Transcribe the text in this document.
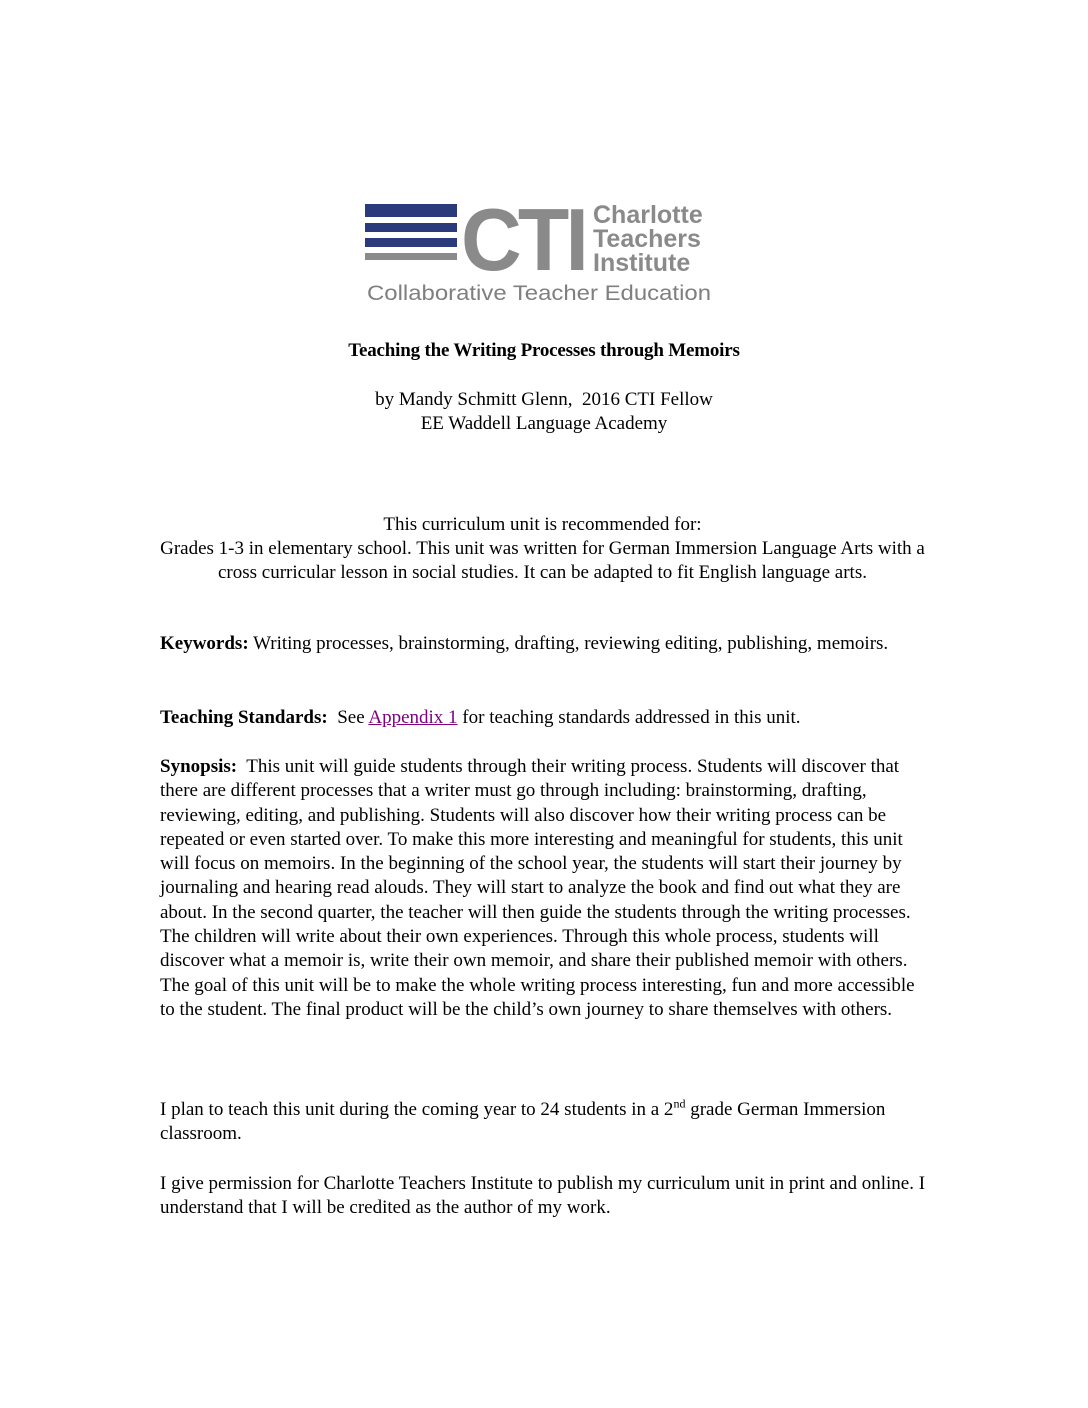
CTI Charlotte
Teachers
Institute
Collaborative Teacher Education
Teaching the Writing Processes through Memoirs
by Mandy Schmitt Glenn,  2016 CTI Fellow
EE Waddell Language Academy
This curriculum unit is recommended for:
Grades 1-3 in elementary school. This unit was written for German Immersion Language Arts with a cross curricular lesson in social studies. It can be adapted to fit English language arts.
Keywords: Writing processes, brainstorming, drafting, reviewing editing, publishing, memoirs.
Teaching Standards:  See Appendix 1 for teaching standards addressed in this unit.
Synopsis:  This unit will guide students through their writing process. Students will discover that there are different processes that a writer must go through including: brainstorming, drafting, reviewing, editing, and publishing. Students will also discover how their writing process can be repeated or even started over. To make this more interesting and meaningful for students, this unit will focus on memoirs. In the beginning of the school year, the students will start their journey by journaling and hearing read alouds. They will start to analyze the book and find out what they are about. In the second quarter, the teacher will then guide the students through the writing processes. The children will write about their own experiences. Through this whole process, students will discover what a memoir is, write their own memoir, and share their published memoir with others. The goal of this unit will be to make the whole writing process interesting, fun and more accessible to the student. The final product will be the child’s own journey to share themselves with others.
I plan to teach this unit during the coming year to 24 students in a 2nd grade German Immersion classroom.
I give permission for Charlotte Teachers Institute to publish my curriculum unit in print and online. I understand that I will be credited as the author of my work.
